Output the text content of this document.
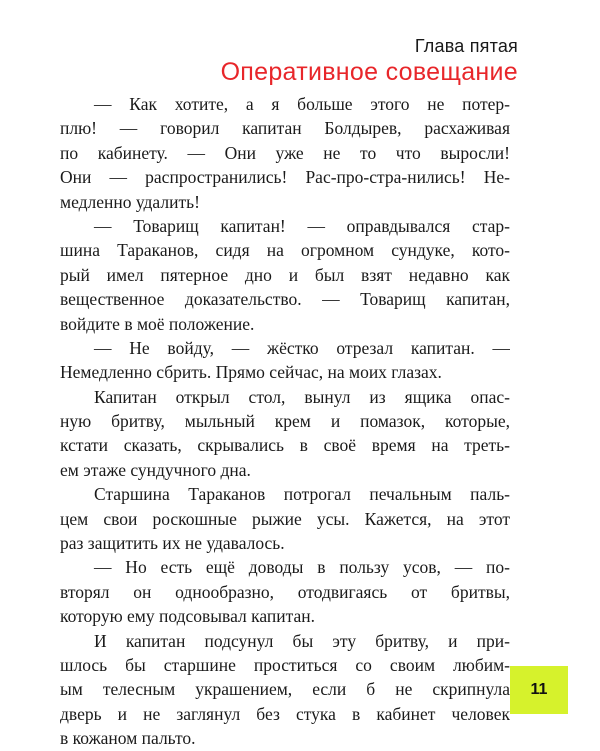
Глава пятая
Оперативное совещание
— Как хотите, а я больше этого не потер-
плю! — говорил капитан Болдырев, расхаживая
по кабинету. — Они уже не то что выросли!
Они — распространились! Рас-про-стра-нились! Не-
медленно удалить!
— Товарищ капитан! — оправдывался стар-
шина Тараканов, сидя на огромном сундуке, кото-
рый имел пятерное дно и был взят недавно как
вещественное доказательство. — Товарищ капитан,
войдите в моё положение.
— Не войду, — жёстко отрезал капитан. —
Немедленно сбрить. Прямо сейчас, на моих глазах.
Капитан открыл стол, вынул из ящика опас-
ную бритву, мыльный крем и помазок, которые,
кстати сказать, скрывались в своё время на треть-
ем этаже сундучного дна.
Старшина Тараканов потрогал печальным паль-
цем свои роскошные рыжие усы. Кажется, на этот
раз защитить их не удавалось.
— Но есть ещё доводы в пользу усов, — по-
вторял он однообразно, отодвигаясь от бритвы,
которую ему подсовывал капитан.
И капитан подсунул бы эту бритву, и при-
шлось бы старшине проститься со своим любим-
ым телесным украшением, если б не скрипнула
дверь и не заглянул без стука в кабинет человек
в кожаном пальто.
11
